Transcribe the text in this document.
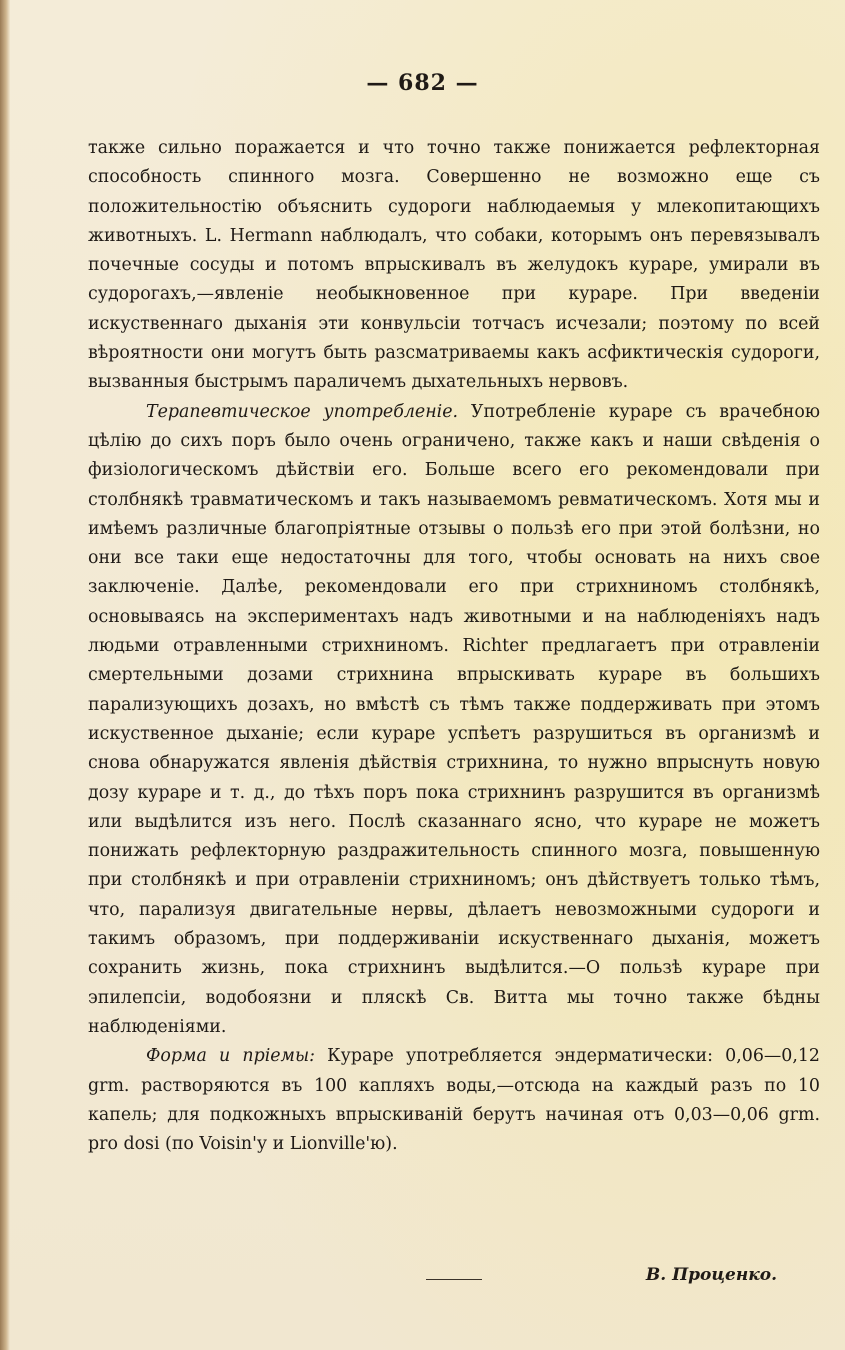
— 682 —

также сильно поражается и что точно также понижается рефлекторная способность спинного мозга. Совершенно не возможно еще съ положительностію объяснить судороги наблюдаемыя у млекопитающихъ животныхъ. L. Hermann наблюдалъ, что собаки, которымъ онъ перевязывалъ почечные сосуды и потомъ впрыскивалъ въ желудокъ кураре, умирали въ судорогахъ,—явленіе необыкновенное при кураре. При введеніи искуственнаго дыханія эти конвульсіи тотчасъ исчезали; поэтому по всей вѣроятности они могутъ быть разсматриваемы какъ асфиктическія судороги, вызванныя быстрымъ параличемъ дыхательныхъ нервовъ.

Терапевтическое употребленіе. Употребленіе кураре съ врачебною цѣлію до сихъ поръ было очень ограничено, также какъ и наши свѣденія о физіологическомъ дѣйствіи его. Больше всего его рекомендовали при столбнякѣ травматическомъ и такъ называемомъ ревматическомъ. Хотя мы и имѣемъ различные благопріятные отзывы о пользѣ его при этой болѣзни, но они все таки еще недостаточны для того, чтобы основать на нихъ свое заключеніе. Далѣе, рекомендовали его при стрихниномъ столбнякѣ, основываясь на экспериментахъ надъ животными и на наблюденіяхъ надъ людьми отравленными стрихниномъ. Richter предлагаетъ при отравленіи смертельными дозами стрихнина впрыскивать кураре въ большихъ парализующихъ дозахъ, но вмѣстѣ съ тѣмъ также поддерживать при этомъ искуственное дыханіе; если кураре успѣетъ разрушиться въ организмѣ и снова обнаружатся явленія дѣйствія стрихнина, то нужно впрыснуть новую дозу кураре и т. д., до тѣхъ поръ пока стрихнинъ разрушится въ организмѣ или выдѣлится изъ него. Послѣ сказаннаго ясно, что кураре не можетъ понижать рефлекторную раздражительность спинного мозга, повышенную при столбнякѣ и при отравленіи стрихниномъ; онъ дѣйствуетъ только тѣмъ, что, парализуя двигательные нервы, дѣлаетъ невозможными судороги и такимъ образомъ, при поддерживаніи искуственнаго дыханія, можетъ сохранить жизнь, пока стрихнинъ выдѣлится.—О пользѣ кураре при эпилепсіи, водобоязни и пляскѣ Св. Витта мы точно также бѣдны наблюденіями.

Форма и пріемы: Кураре употребляется эндерматически: 0,06—0,12 grm. растворяются въ 100 капляхъ воды,—отсюда на каждый разъ по 10 капель; для подкожныхъ впрыскиваній берутъ начиная отъ 0,03—0,06 grm. pro dosi (по Voisin'у и Lionville'ю).

В. Проценко.
